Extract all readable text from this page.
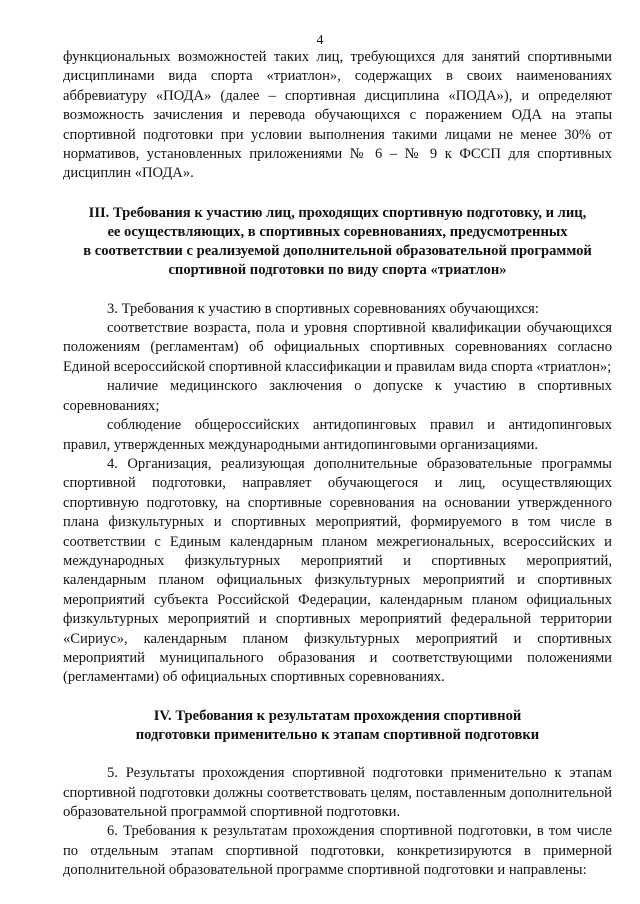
4

функциональных возможностей таких лиц, требующихся для занятий спортивными дисциплинами вида спорта «триатлон», содержащих в своих наименованиях аббревиатуру «ПОДА» (далее – спортивная дисциплина «ПОДА»), и определяют возможность зачисления и перевода обучающихся с поражением ОДА на этапы спортивной подготовки при условии выполнения такими лицами не менее 30% от нормативов, установленных приложениями № 6 – № 9 к ФССП для спортивных дисциплин «ПОДА».

III. Требования к участию лиц, проходящих спортивную подготовку, и лиц,
ее осуществляющих, в спортивных соревнованиях, предусмотренных
в соответствии с реализуемой дополнительной образовательной программой
спортивной подготовки по виду спорта «триатлон»

3. Требования к участию в спортивных соревнованиях обучающихся:

соответствие возраста, пола и уровня спортивной квалификации обучающихся положениям (регламентам) об официальных спортивных соревнованиях согласно Единой всероссийской спортивной классификации и правилам вида спорта «триатлон»;

наличие медицинского заключения о допуске к участию в спортивных соревнованиях;

соблюдение общероссийских антидопинговых правил и антидопинговых правил, утвержденных международными антидопинговыми организациями.

4. Организация, реализующая дополнительные образовательные программы спортивной подготовки, направляет обучающегося и лиц, осуществляющих спортивную подготовку, на спортивные соревнования на основании утвержденного плана физкультурных и спортивных мероприятий, формируемого в том числе в соответствии с Единым календарным планом межрегиональных, всероссийских и международных физкультурных мероприятий и спортивных мероприятий, календарным планом официальных физкультурных мероприятий и спортивных мероприятий субъекта Российской Федерации, календарным планом официальных физкультурных мероприятий и спортивных мероприятий федеральной территории «Сириус», календарным планом физкультурных мероприятий и спортивных мероприятий муниципального образования и соответствующими положениями (регламентами) об официальных спортивных соревнованиях.

IV. Требования к результатам прохождения спортивной
подготовки применительно к этапам спортивной подготовки

5. Результаты прохождения спортивной подготовки применительно к этапам спортивной подготовки должны соответствовать целям, поставленным дополнительной образовательной программой спортивной подготовки.

6. Требования к результатам прохождения спортивной подготовки, в том числе по отдельным этапам спортивной подготовки, конкретизируются в примерной дополнительной образовательной программе спортивной подготовки и направлены:
